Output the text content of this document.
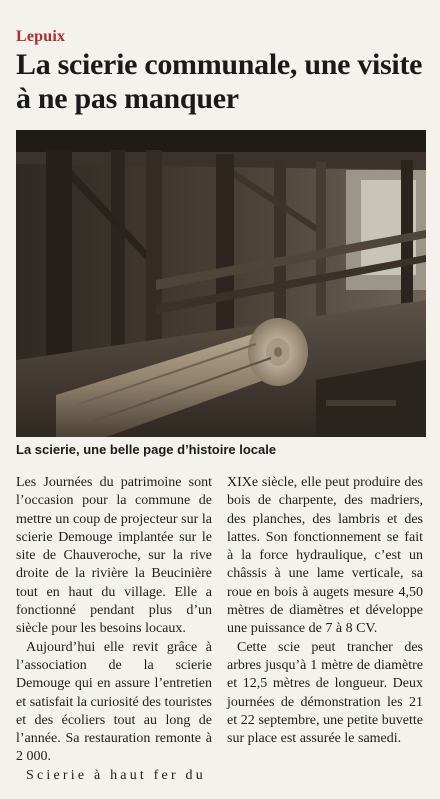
Lepuix
La scierie communale, une visite à ne pas manquer
La scierie, une belle page d’histoire locale

Les Journées du patrimoine sont l’occasion pour la commune de mettre un coup de projecteur sur la scierie Demouge implantée sur le site de Chauveroche, sur la rive droite de la rivière la Beucinière tout en haut du village. Elle a fonctionné pendant plus d’un siècle pour les besoins locaux.

Aujourd’hui elle revit grâce à l’association de la scierie Demouge qui en assure l’entretien et satisfait la curiosité des touristes et des écoliers tout au long de l’année. Sa restauration remonte à 2 000.

Scierie à haut fer du

XIXe siècle, elle peut produire des bois de charpente, des madriers, des planches, des lambris et des lattes. Son fonctionnement se fait à la force hydraulique, c’est un châssis à une lame verticale, sa roue en bois à augets mesure 4,50 mètres de diamètres et développe une puissance de 7 à 8 CV.

Cette scie peut trancher des arbres jusqu’à 1 mètre de diamètre et 12,5 mètres de longueur. Deux journées de démonstration les 21 et 22 septembre, une petite buvette sur place est assurée le samedi.
